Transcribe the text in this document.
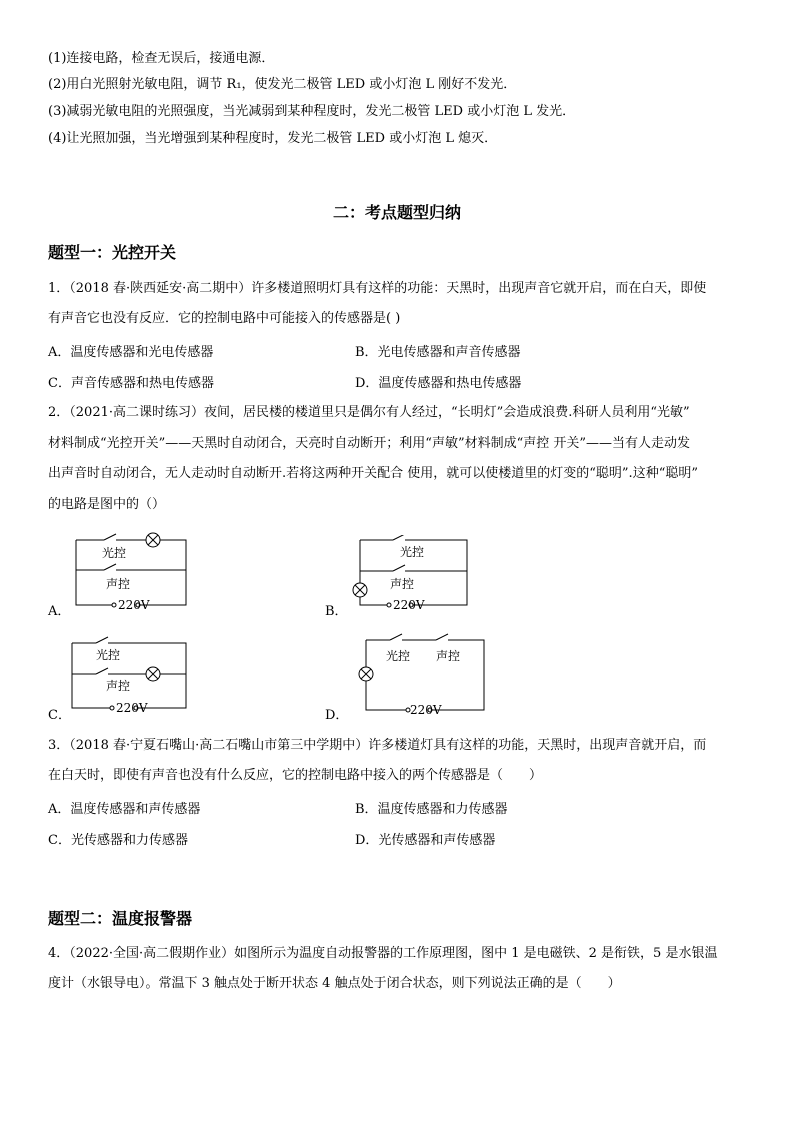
(1)连接电路，检查无误后，接通电源．
(2)用白光照射光敏电阻，调节 R₁，使发光二极管 LED 或小灯泡 L 刚好不发光．
(3)减弱光敏电阻的光照强度，当光减弱到某种程度时，发光二极管 LED 或小灯泡 L 发光．
(4)让光照加强，当光增强到某种程度时，发光二极管 LED 或小灯泡 L 熄灭．
二：考点题型归纳
题型一：光控开关
1．（2018 春·陕西延安·高二期中）许多楼道照明灯具有这样的功能：天黑时，出现声音它就开启，而在白天，即使
有声音它也没有反应．它的控制电路中可能接入的传感器是( )
A．温度传感器和光电传感器	B．光电传感器和声音传感器
C．声音传感器和热电传感器	D．温度传感器和热电传感器
2．（2021·高二课时练习）夜间，居民楼的楼道里只是偶尔有人经过，“长明灯”会造成浪费.科研人员利用“光敏”
材料制成“光控开关”——天黑时自动闭合，天亮时自动断开；利用“声敏”材料制成“声控 开关”——当有人走动发
出声音时自动闭合，无人走动时自动断开.若将这两种开关配合 使用，就可以使楼道里的灯变的“聪明”.这种“聪明”
的电路是图中的（）
A．
光控
声控
220V	B．
光控
声控
220V
C．
光控
声控
220V	D．
光控 声控
220V
3．（2018 春·宁夏石嘴山·高二石嘴山市第三中学期中）许多楼道灯具有这样的功能，天黑时，出现声音就开启，而
在白天时，即使有声音也没有什么反应，它的控制电路中接入的两个传感器是（　　）
A．温度传感器和声传感器	B．温度传感器和力传感器
C．光传感器和力传感器	D．光传感器和声传感器
题型二：温度报警器
4．（2022·全国·高二假期作业）如图所示为温度自动报警器的工作原理图，图中 1 是电磁铁、2 是衔铁，5 是水银温
度计（水银导电）。常温下 3 触点处于断开状态 4 触点处于闭合状态，则下列说法正确的是（　　）
